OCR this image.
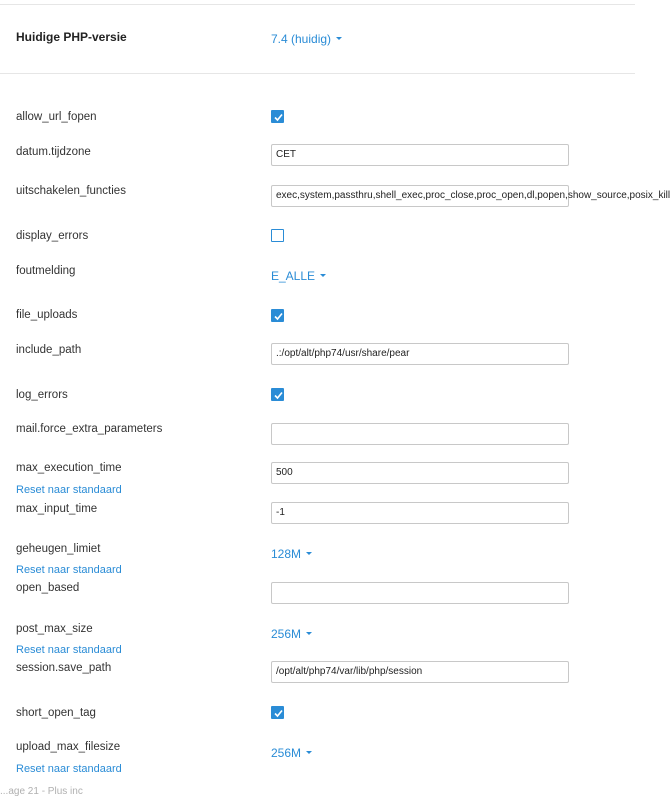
Huidige PHP-versie	7.4 (huidig)
allow_url_fopen
datum.tijdzone	CET
uitschakelen_functies	exec,system,passthru,shell_exec,proc_close,proc_open,dl,popen,show_source,posix_kill
display_errors
foutmelding	E_ALLE
file_uploads
include_path	.:/opt/alt/php74/usr/share/pear
log_errors
mail.force_extra_parameters
max_execution_time	500
Reset naar standaard
max_input_time	-1
geheugen_limiet	128M
Reset naar standaard
open_based
post_max_size	256M
Reset naar standaard
session.save_path	/opt/alt/php74/var/lib/php/session
short_open_tag
upload_max_filesize	256M
Reset naar standaard
...age 21 - Plus inc
